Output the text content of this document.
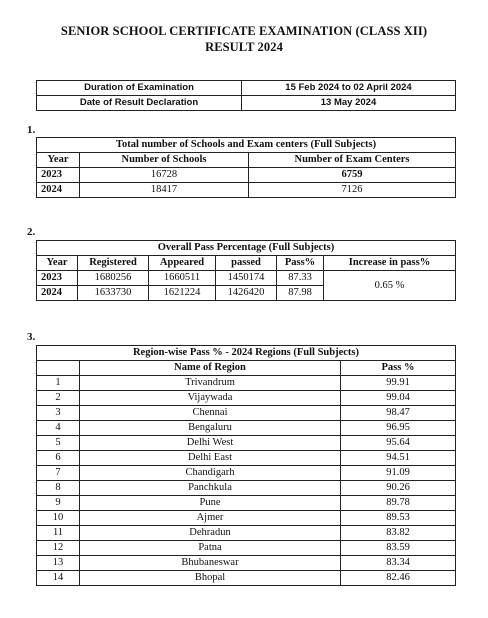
SENIOR SCHOOL CERTIFICATE EXAMINATION (CLASS XII)
RESULT 2024
Duration of Examination	15 Feb 2024 to 02 April 2024
Date of Result Declaration	13 May 2024
1.
Total number of Schools and Exam centers (Full Subjects)		
Year	Number of Schools	Number of Exam Centers
2023	16728	6759
2024	18417	7126
2.
Overall Pass Percentage (Full Subjects)					
Year	Registered	Appeared	passed	Pass%	Increase in pass%
2023	1680256	1660511	1450174	87.33	0.65 %
2024	1633730	1621224	1426420	87.98	
3.
Region-wise Pass % - 2024 Regions (Full Subjects)		
	Name of Region	Pass %
1	Trivandrum	99.91
2	Vijaywada	99.04
3	Chennai	98.47
4	Bengaluru	96.95
5	Delhi West	95.64
6	Delhi East	94.51
7	Chandigarh	91.09
8	Panchkula	90.26
9	Pune	89.78
10	Ajmer	89.53
11	Dehradun	83.82
12	Patna	83.59
13	Bhubaneswar	83.34
14	Bhopal	82.46
